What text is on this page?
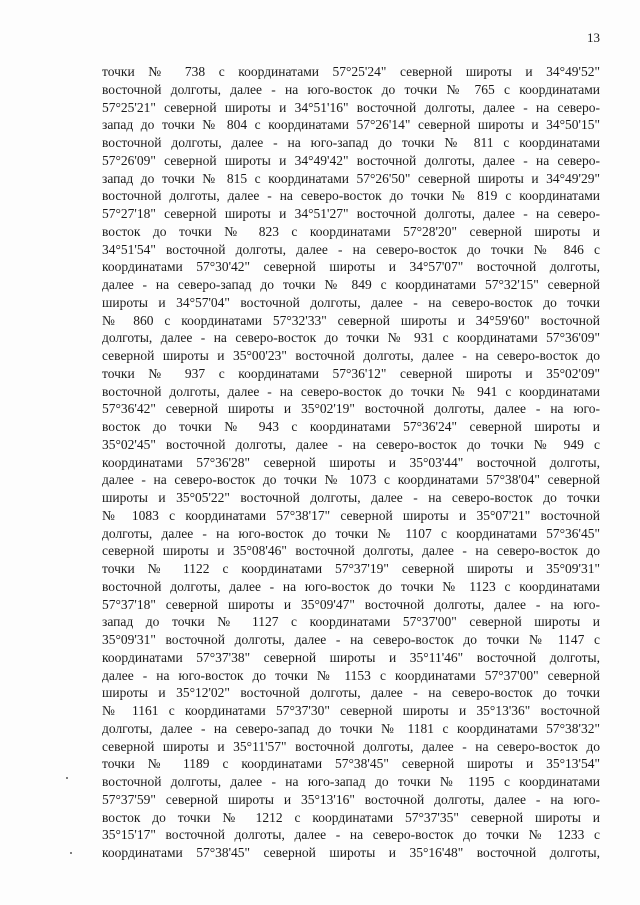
13
точки № 738 с координатами 57°25'24" северной широты и 34°49'52"
восточной долготы, далее - на юго-восток до точки № 765 с координатами
57°25'21" северной широты и 34°51'16" восточной долготы, далее - на северо-
запад до точки № 804 с координатами 57°26'14" северной широты и 34°50'15"
восточной долготы, далее - на юго-запад до точки № 811 с координатами
57°26'09" северной широты и 34°49'42" восточной долготы, далее - на северо-
запад до точки № 815 с координатами 57°26'50" северной широты и 34°49'29"
восточной долготы, далее - на северо-восток до точки № 819 с координатами
57°27'18" северной широты и 34°51'27" восточной долготы, далее - на северо-
восток до точки № 823 с координатами 57°28'20" северной широты и
34°51'54" восточной долготы, далее - на северо-восток до точки № 846 с
координатами 57°30'42" северной широты и 34°57'07" восточной долготы,
далее - на северо-запад до точки № 849 с координатами 57°32'15" северной
широты и 34°57'04" восточной долготы, далее - на северо-восток до точки
№ 860 с координатами 57°32'33" северной широты и 34°59'60" восточной
долготы, далее - на северо-восток до точки № 931 с координатами 57°36'09"
северной широты и 35°00'23" восточной долготы, далее - на северо-восток до
точки № 937 с координатами 57°36'12" северной широты и 35°02'09"
восточной долготы, далее - на северо-восток до точки № 941 с координатами
57°36'42" северной широты и 35°02'19" восточной долготы, далее - на юго-
восток до точки № 943 с координатами 57°36'24" северной широты и
35°02'45" восточной долготы, далее - на северо-восток до точки № 949 с
координатами 57°36'28" северной широты и 35°03'44" восточной долготы,
далее - на северо-восток до точки № 1073 с координатами 57°38'04" северной
широты и 35°05'22" восточной долготы, далее - на северо-восток до точки
№ 1083 с координатами 57°38'17" северной широты и 35°07'21" восточной
долготы, далее - на юго-восток до точки № 1107 с координатами 57°36'45"
северной широты и 35°08'46" восточной долготы, далее - на северо-восток до
точки № 1122 с координатами 57°37'19" северной широты и 35°09'31"
восточной долготы, далее - на юго-восток до точки № 1123 с координатами
57°37'18" северной широты и 35°09'47" восточной долготы, далее - на юго-
запад до точки № 1127 с координатами 57°37'00" северной широты и
35°09'31" восточной долготы, далее - на северо-восток до точки № 1147 с
координатами 57°37'38" северной широты и 35°11'46" восточной долготы,
далее - на юго-восток до точки № 1153 с координатами 57°37'00" северной
широты и 35°12'02" восточной долготы, далее - на северо-восток до точки
№ 1161 с координатами 57°37'30" северной широты и 35°13'36" восточной
долготы, далее - на северо-запад до точки № 1181 с координатами 57°38'32"
северной широты и 35°11'57" восточной долготы, далее - на северо-восток до
точки № 1189 с координатами 57°38'45" северной широты и 35°13'54"
восточной долготы, далее - на юго-запад до точки № 1195 с координатами
57°37'59" северной широты и 35°13'16" восточной долготы, далее - на юго-
восток до точки № 1212 с координатами 57°37'35" северной широты и
35°15'17" восточной долготы, далее - на северо-восток до точки № 1233 с
координатами 57°38'45" северной широты и 35°16'48" восточной долготы,
